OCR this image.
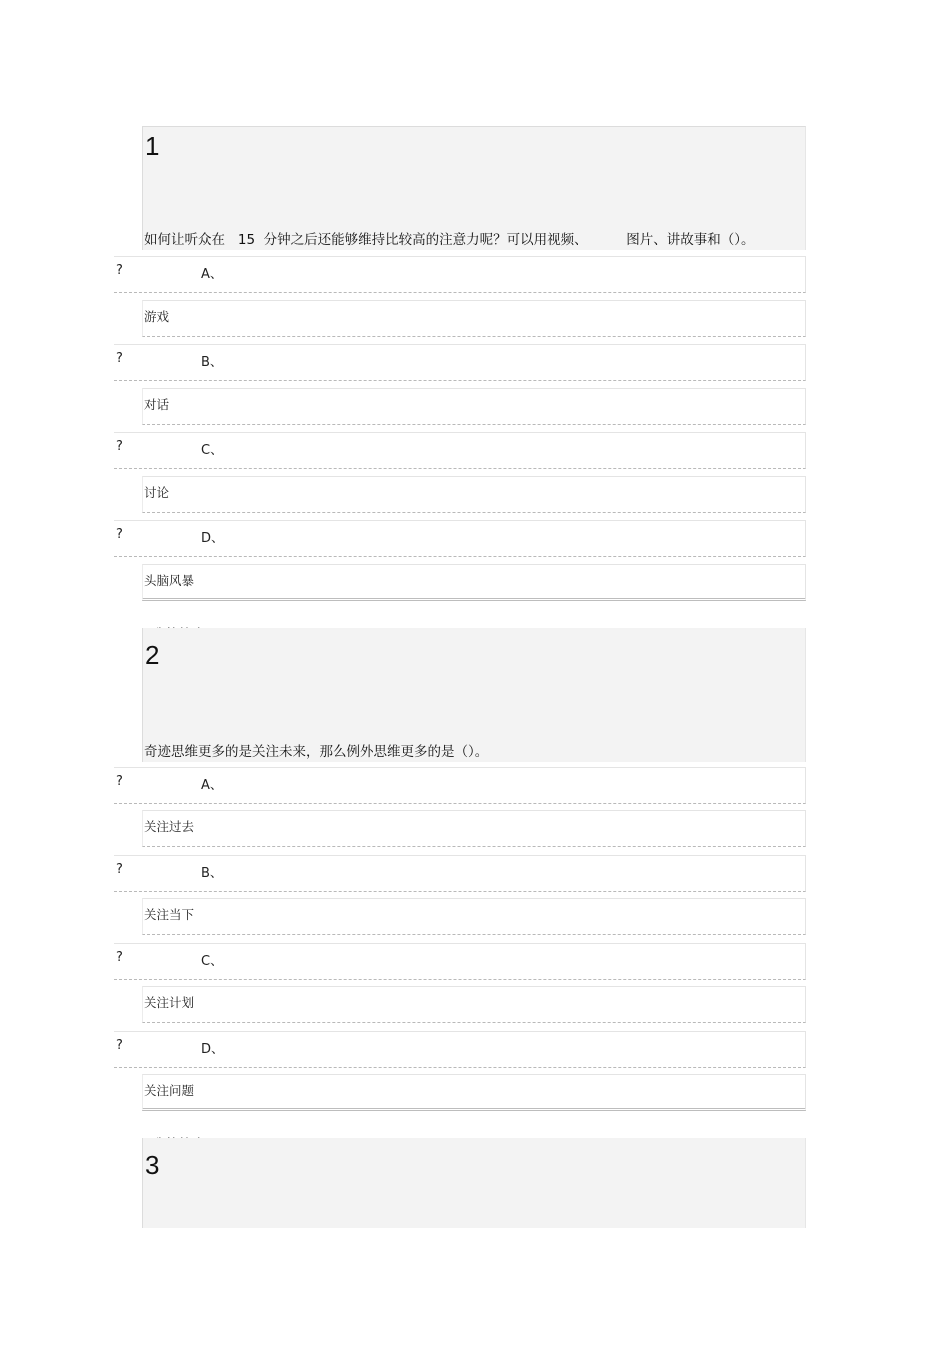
1
如何让听众在   15  分钟之后还能够维持比较高的注意力呢？可以用视频、         图片、讲故事和（）。
?	A、
游戏
?	B、
对话
?	C、
讨论
?	D、
头脑风暴

2
奇迹思维更多的是关注未来，那么例外思维更多的是（）。
?	A、
关注过去
?	B、
关注当下
?	C、
关注计划
?	D、
关注问题

3
